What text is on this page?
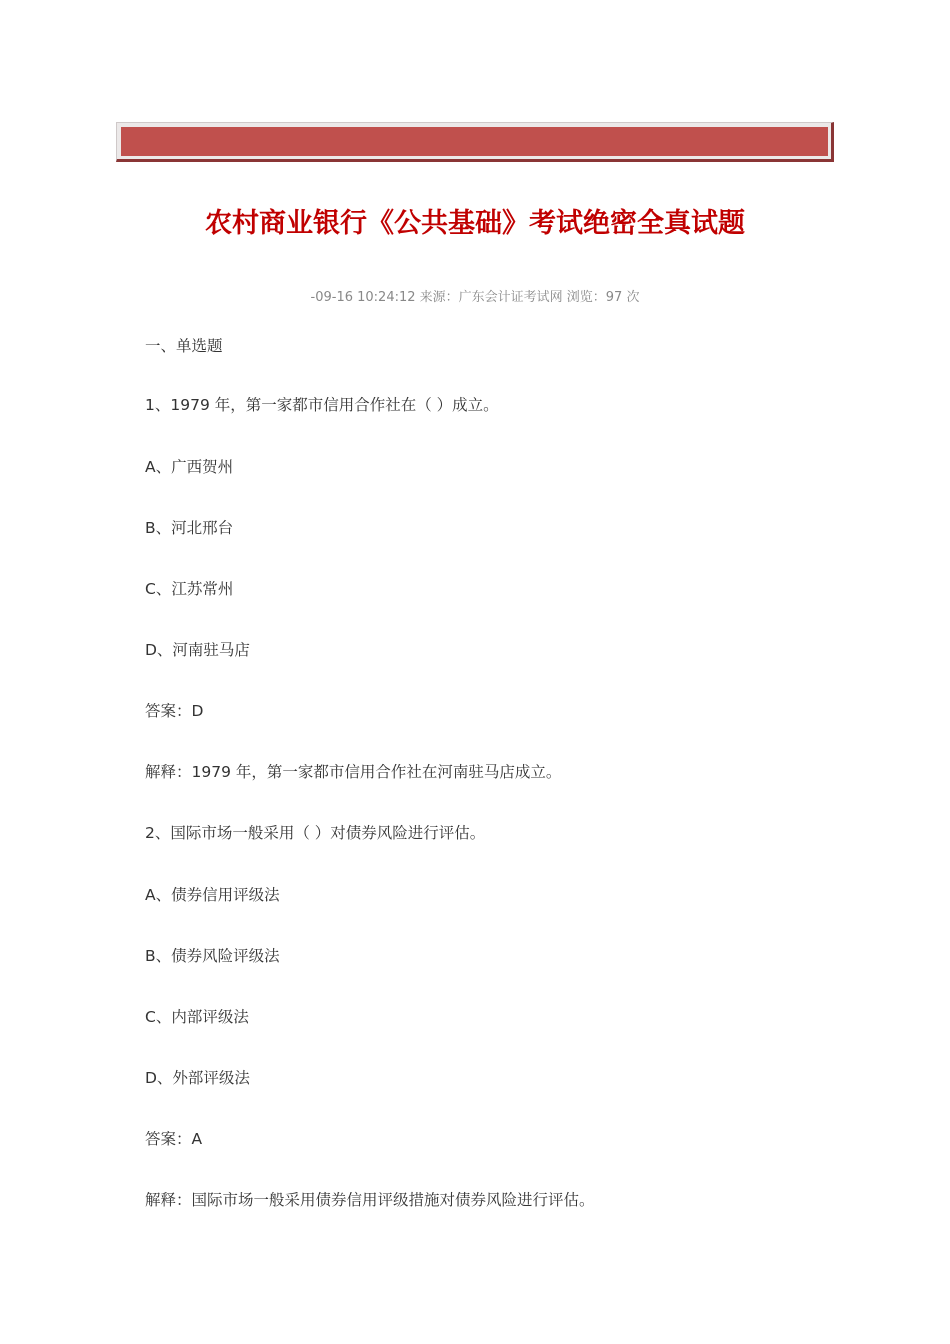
农村商业银行《公共基础》考试绝密全真试题
-09-16 10:24:12 来源：广东会计证考试网 浏览：97 次
一、单选题
1、1979 年，第一家都市信用合作社在（ ）成立。
A、广西贺州
B、河北邢台
C、江苏常州
D、河南驻马店
答案：D
解释：1979 年，第一家都市信用合作社在河南驻马店成立。
2、国际市场一般采用（ ）对债券风险进行评估。
A、债券信用评级法
B、债券风险评级法
C、内部评级法
D、外部评级法
答案：A
解释：国际市场一般采用债券信用评级措施对债券风险进行评估。
